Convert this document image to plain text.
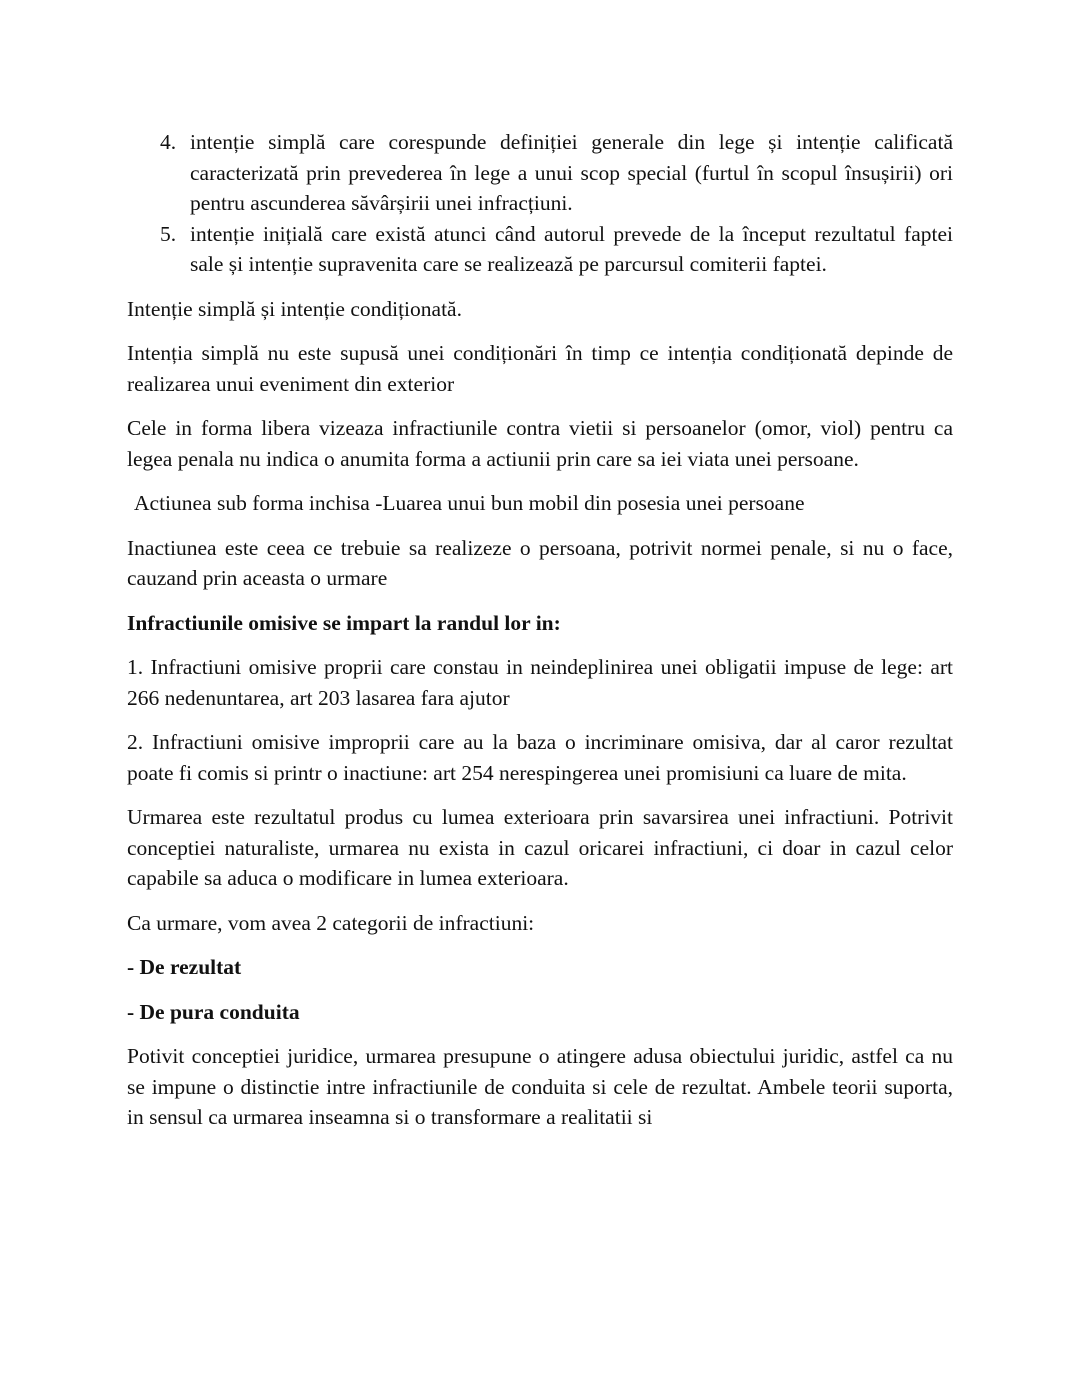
4. intenție simplă care corespunde definiției generale din lege și intenție calificată caracterizată prin prevederea în lege a unui scop special (furtul în scopul însușirii) ori pentru ascunderea săvârșirii unei infracțiuni.
5. intenție inițială care există atunci când autorul prevede de la început rezultatul faptei sale și intenție supravenita care se realizează pe parcursul comiterii faptei.

Intenție simplă și intenție condiționată.

Intenția simplă nu este supusă unei condiționări în timp ce intenția condiționată depinde de realizarea unui eveniment din exterior

Cele in forma libera vizeaza infractiunile contra vietii si persoanelor (omor, viol) pentru ca legea penala nu indica o anumita forma a actiunii prin care sa iei viata unei persoane.

Actiunea sub forma inchisa -Luarea unui bun mobil din posesia unei persoane

Inactiunea este ceea ce trebuie sa realizeze o persoana, potrivit normei penale, si nu o face, cauzand prin aceasta o urmare

Infractiunile omisive se impart la randul lor in:

1. Infractiuni omisive proprii care constau in neindeplinirea unei obligatii impuse de lege: art 266 nedenuntarea, art 203 lasarea fara ajutor

2. Infractiuni omisive improprii care au la baza o incriminare omisiva, dar al caror rezultat poate fi comis si printr o inactiune: art 254 nerespingerea unei promisiuni ca luare de mita.

Urmarea este rezultatul produs cu lumea exterioara prin savarsirea unei infractiuni. Potrivit conceptiei naturaliste, urmarea nu exista in cazul oricarei infractiuni, ci doar in cazul celor capabile sa aduca o modificare in lumea exterioara.

Ca urmare, vom avea 2 categorii de infractiuni:

- De rezultat

- De pura conduita

Potivit conceptiei juridice, urmarea presupune o atingere adusa obiectului juridic, astfel ca nu se impune o distinctie intre infractiunile de conduita si cele de rezultat. Ambele teorii suporta, in sensul ca urmarea inseamna si o transformare a realitatii si
